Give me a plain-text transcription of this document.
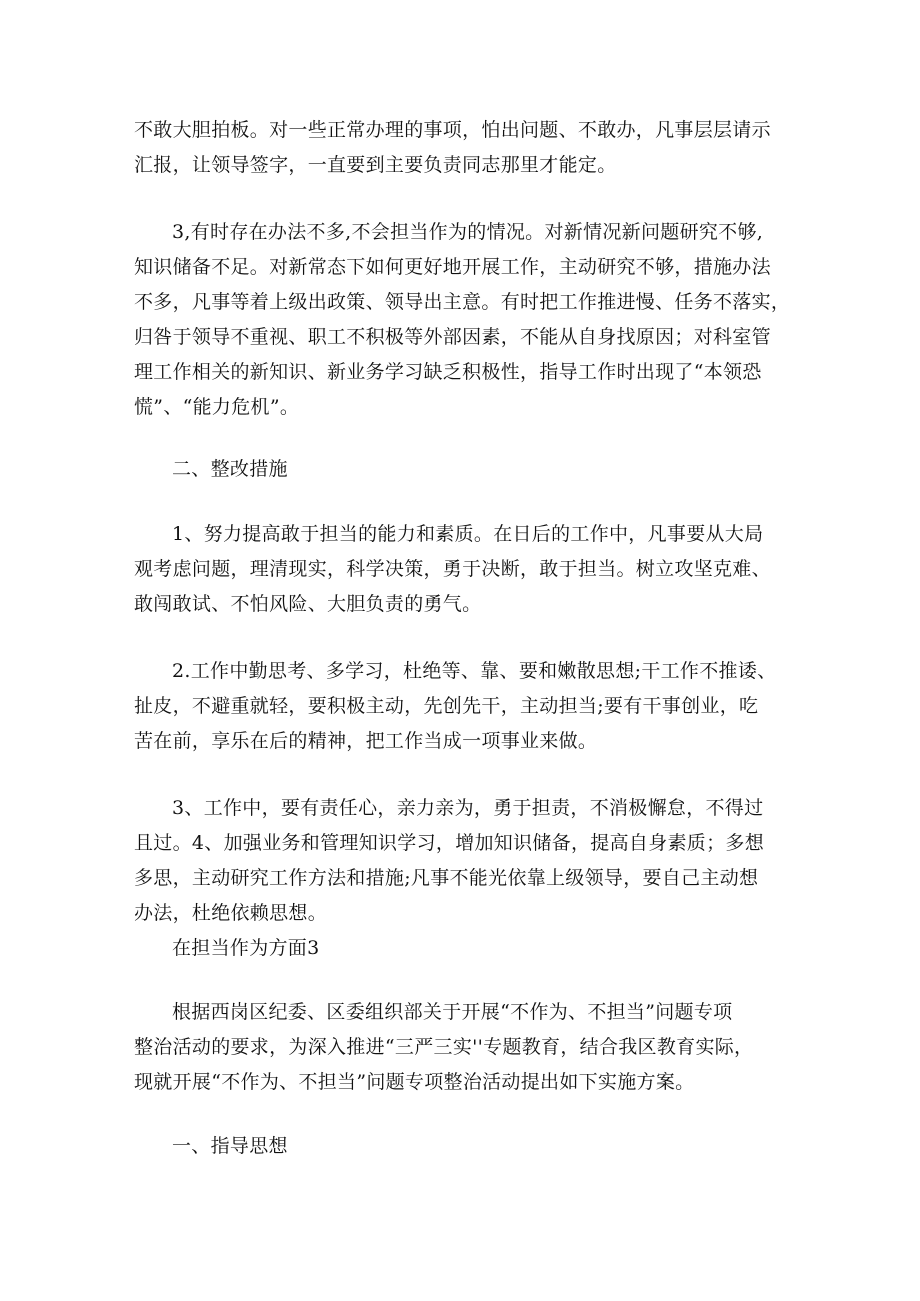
不敢大胆拍板。对一些正常办理的事项，怕出问题、不敢办，凡事层层请示
汇报，让领导签字，一直要到主要负责同志那里才能定。
3,有时存在办法不多,不会担当作为的情况。对新情况新问题研究不够,
知识储备不足。对新常态下如何更好地开展工作，主动研究不够，措施办法
不多，凡事等着上级出政策、领导出主意。有时把工作推进慢、任务不落实，
归咎于领导不重视、职工不积极等外部因素，不能从自身找原因；对科室管
理工作相关的新知识、新业务学习缺乏积极性，指导工作时出现了“本领恐
慌”、“能力危机”。
二、整改措施
1、努力提高敢于担当的能力和素质。在日后的工作中，凡事要从大局
观考虑问题，理清现实，科学决策，勇于决断，敢于担当。树立攻坚克难、
敢闯敢试、不怕风险、大胆负责的勇气。
2.工作中勤思考、多学习，杜绝等、靠、要和嫩散思想;干工作不推诿、
扯皮，不避重就轻，要积极主动，先创先干，主动担当;要有干事创业，吃
苦在前，享乐在后的精神，把工作当成一项事业来做。
3、工作中，要有责任心，亲力亲为，勇于担责，不消极懈怠，不得过
且过。4、加强业务和管理知识学习，增加知识储备，提高自身素质；多想
多思，主动研究工作方法和措施;凡事不能光依靠上级领导，要自己主动想
办法，杜绝依赖思想。
在担当作为方面3
根据西岗区纪委、区委组织部关于开展“不作为、不担当”问题专项
整治活动的要求，为深入推进“三严三实''专题教育，结合我区教育实际，
现就开展“不作为、不担当”问题专项整治活动提出如下实施方案。
一、指导思想
